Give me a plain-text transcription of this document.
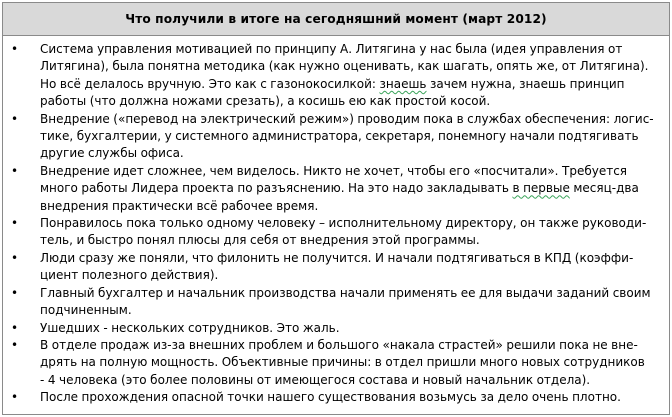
Что получили в итоге на сегодняшний момент (март 2012)
• Система управления мотивацией по принципу А. Литягина у нас была (идея управления от
Литягина), была понятна методика (как нужно оценивать, как шагать, опять же, от Литягина).
Но всё делалось вручную. Это как с газонокосилкой: знаешь зачем нужна, знаешь принцип
работы (что должна ножами срезать), а косишь ею как простой косой.
• Внедрение («перевод на электрический режим») проводим пока в службах обеспечения: логис-
тике, бухгалтерии, у системного администратора, секретаря, понемногу начали подтягивать
другие службы офиса.
• Внедрение идет сложнее, чем виделось. Никто не хочет, чтобы его «посчитали». Требуется
много работы Лидера проекта по разъяснению. На это надо закладывать в первые месяц-два
внедрения практически всё рабочее время.
• Понравилось пока только одному человеку – исполнительному директору, он также руководи-
тель, и быстро понял плюсы для себя от внедрения этой программы.
• Люди сразу же поняли, что филонить не получится. И начали подтягиваться в КПД (коэффи-
циент полезного действия).
• Главный бухгалтер и начальник производства начали применять ее для выдачи заданий своим
подчиненным.
• Ушедших - нескольких сотрудников. Это жаль.
• В отделе продаж из-за внешних проблем и большого «накала страстей» решили пока не вне-
дрять на полную мощность. Объективные причины: в отдел пришли много новых сотрудников
- 4 человека (это более половины от имеющегося состава и новый начальник отдела).
• После прохождения опасной точки нашего существования возьмусь за дело очень плотно.
